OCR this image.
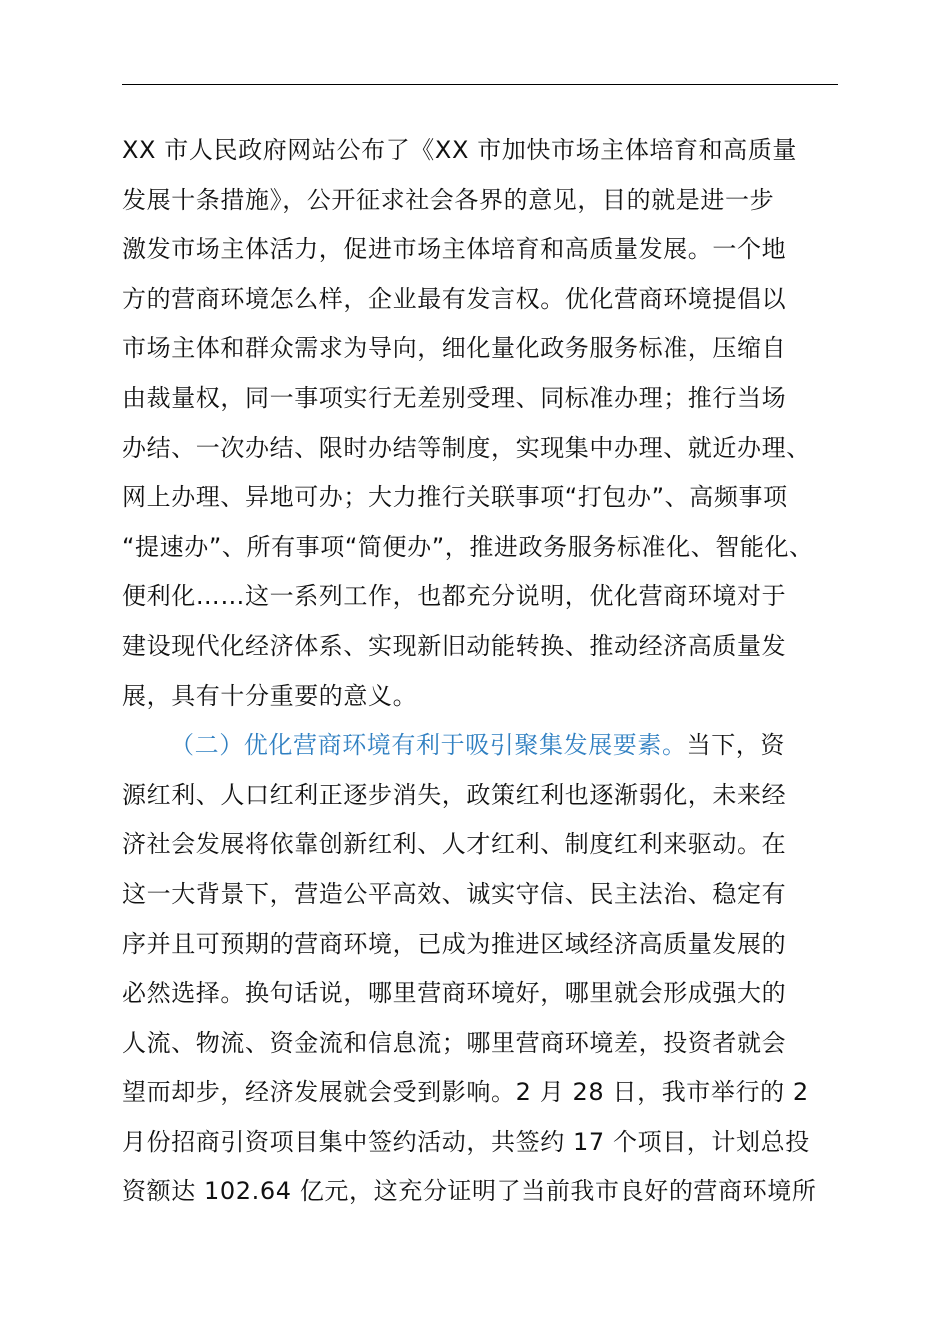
XX 市人民政府网站公布了《XX 市加快市场主体培育和高质量
发展十条措施》，公开征求社会各界的意见，目的就是进一步
激发市场主体活力，促进市场主体培育和高质量发展。一个地
方的营商环境怎么样，企业最有发言权。优化营商环境提倡以
市场主体和群众需求为导向，细化量化政务服务标准，压缩自
由裁量权，同一事项实行无差别受理、同标准办理；推行当场
办结、一次办结、限时办结等制度，实现集中办理、就近办理、
网上办理、异地可办；大力推行关联事项“打包办”、高频事项
“提速办”、所有事项“简便办”，推进政务服务标准化、智能化、
便利化……这一系列工作，也都充分说明，优化营商环境对于
建设现代化经济体系、实现新旧动能转换、推动经济高质量发
展，具有十分重要的意义。
（二）优化营商环境有利于吸引聚集发展要素。当下，资
源红利、人口红利正逐步消失，政策红利也逐渐弱化，未来经
济社会发展将依靠创新红利、人才红利、制度红利来驱动。在
这一大背景下，营造公平高效、诚实守信、民主法治、稳定有
序并且可预期的营商环境，已成为推进区域经济高质量发展的
必然选择。换句话说，哪里营商环境好，哪里就会形成强大的
人流、物流、资金流和信息流；哪里营商环境差，投资者就会
望而却步，经济发展就会受到影响。2 月 28 日，我市举行的 2
月份招商引资项目集中签约活动，共签约 17 个项目，计划总投
资额达 102.64 亿元，这充分证明了当前我市良好的营商环境所
